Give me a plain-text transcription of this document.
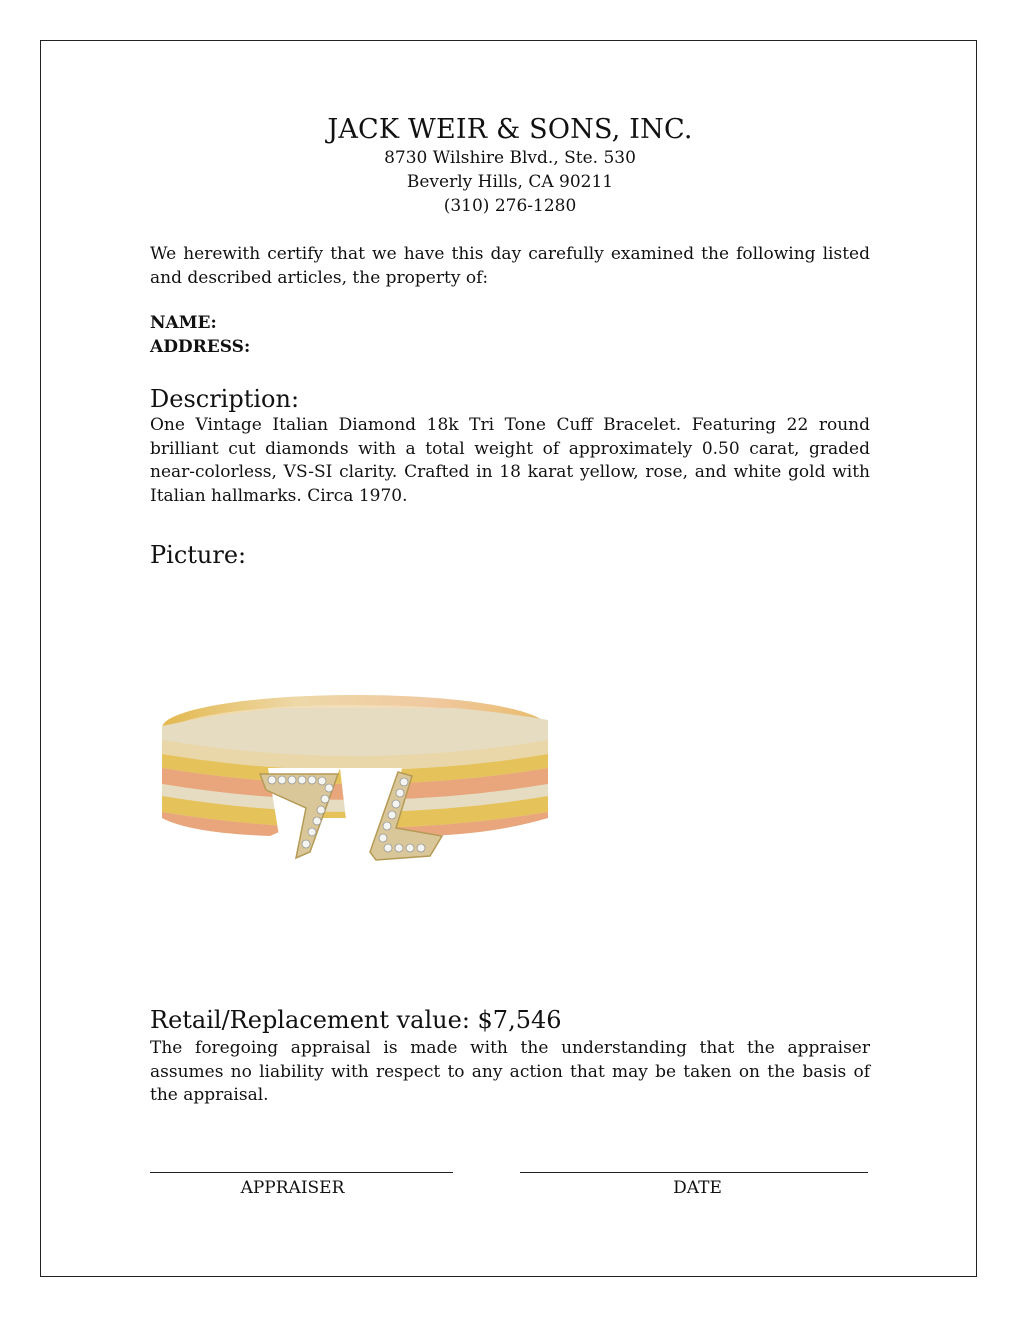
JACK WEIR & SONS, INC.
8730 Wilshire Blvd., Ste. 530
Beverly Hills, CA 90211
(310) 276-1280
We herewith certify that we have this day carefully examined the following listed and described articles, the property of:
NAME:
ADDRESS:
Description:
One Vintage Italian Diamond 18k Tri Tone Cuff Bracelet. Featuring 22 round brilliant cut diamonds with a total weight of approximately 0.50 carat, graded near-colorless, VS-SI clarity. Crafted in 18 karat yellow, rose, and white gold with Italian hallmarks. Circa 1970.
Picture:
Retail/Replacement value: $7,546
The foregoing appraisal is made with the understanding that the appraiser assumes no liability with respect to any action that may be taken on the basis of the appraisal.
APPRAISER	DATE
